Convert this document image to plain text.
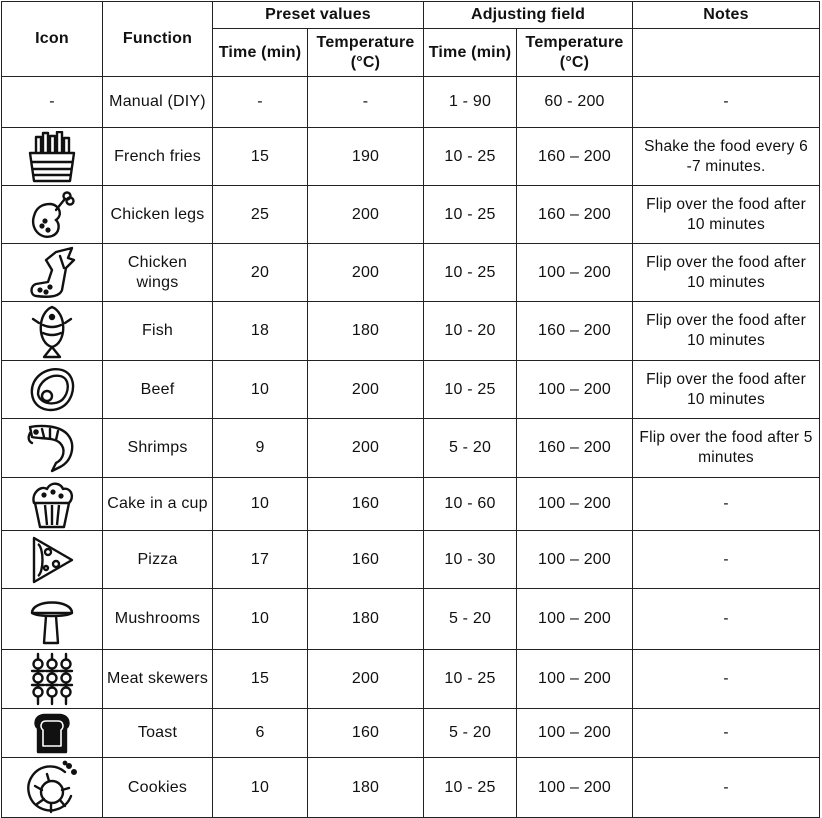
Icon	Function	Preset values		Adjusting field		Notes
		Time (min)	Temperature (°C)	Time (min)	Temperature (°C)	
-	Manual (DIY)	-	-	1 - 90	60 - 200	-

	French fries	15	190	10 - 25	160 – 200	Shake the food every 6 -7 minutes.

	Chicken legs	25	200	10 - 25	160 – 200	Flip over the food after 10 minutes

	Chicken wings	20	200	10 - 25	100 – 200	Flip over the food after 10 minutes

	Fish	18	180	10 - 20	160 – 200	Flip over the food after 10 minutes

	Beef	10	200	10 - 25	100 – 200	Flip over the food after 10 minutes

	Shrimps	9	200	5 - 20	160 – 200	Flip over the food after 5 minutes

	Cake in a cup	10	160	10 - 60	100 – 200	-

	Pizza	17	160	10 - 30	100 – 200	-

	Mushrooms	10	180	5 - 20	100 – 200	-

	Meat skewers	15	200	10 - 25	100 – 200	-

	Toast	6	160	5 - 20	100 – 200	-

	Cookies	10	180	10 - 25	100 – 200	-
